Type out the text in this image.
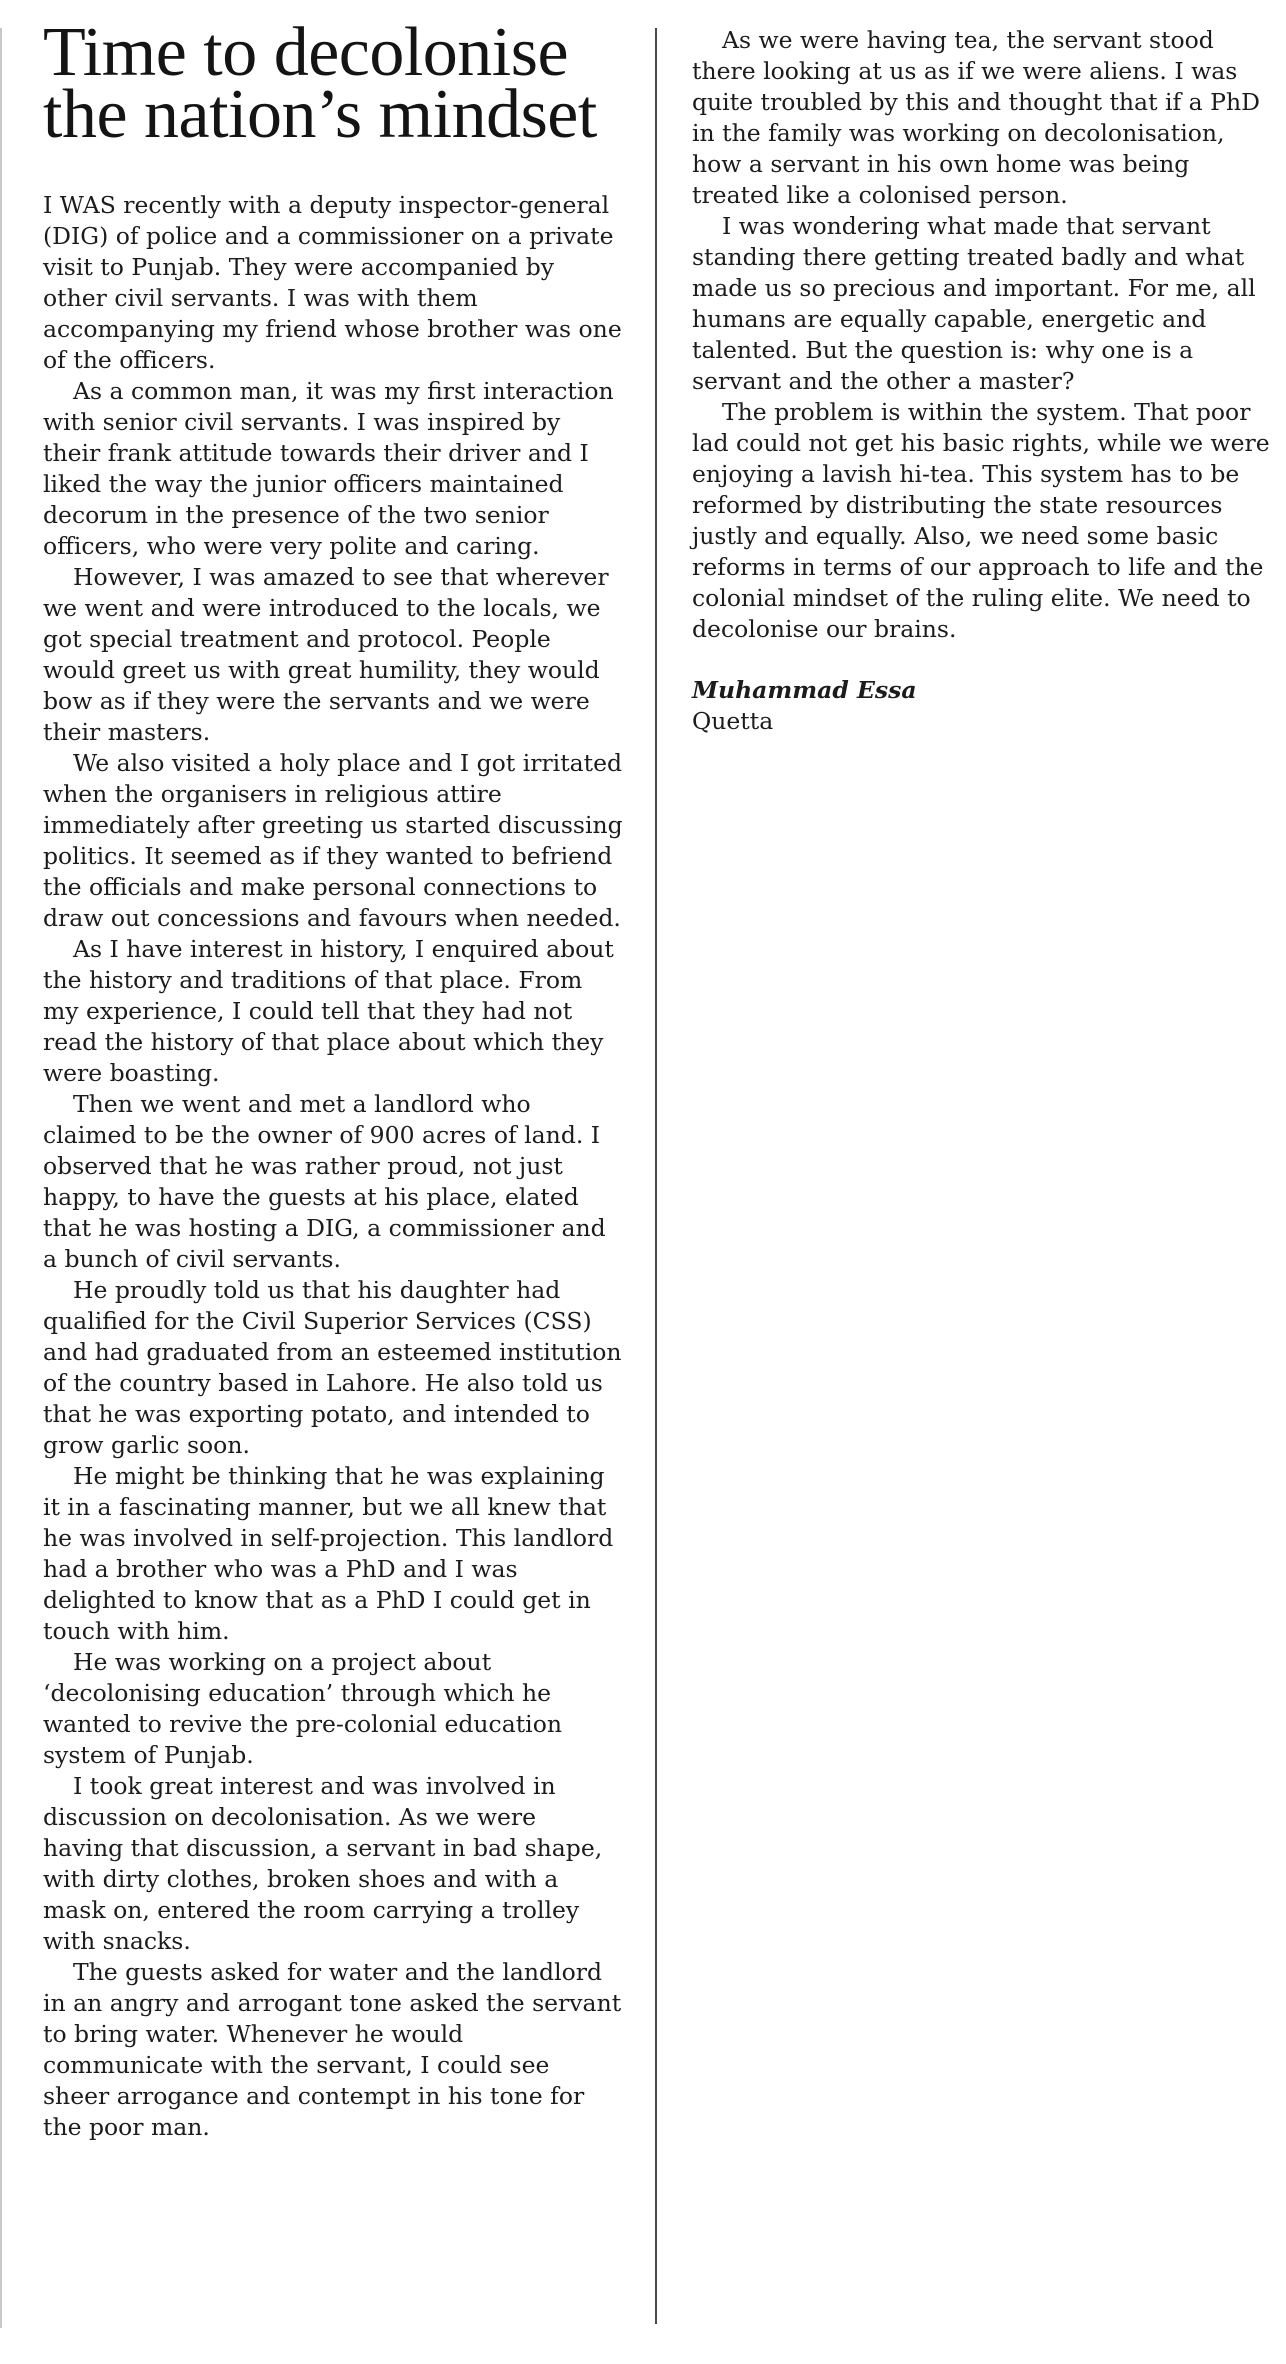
Time to decolonise the nation’s mindset

I WAS recently with a deputy inspector-general (DIG) of police and a commissioner on a private visit to Punjab. They were accompanied by other civil servants. I was with them accompanying my friend whose brother was one of the officers.

As a common man, it was my first interaction with senior civil servants. I was inspired by their frank attitude towards their driver and I liked the way the junior officers maintained decorum in the presence of the two senior officers, who were very polite and caring.

However, I was amazed to see that wherever we went and were introduced to the locals, we got special treatment and protocol. People would greet us with great humility, they would bow as if they were the servants and we were their masters.

We also visited a holy place and I got irritated when the organisers in religious attire immediately after greeting us started discussing politics. It seemed as if they wanted to befriend the officials and make personal connections to draw out concessions and favours when needed.

As I have interest in history, I enquired about the history and traditions of that place. From my experience, I could tell that they had not read the history of that place about which they were boasting.

Then we went and met a landlord who claimed to be the owner of 900 acres of land. I observed that he was rather proud, not just happy, to have the guests at his place, elated that he was hosting a DIG, a commissioner and a bunch of civil servants.

He proudly told us that his daughter had qualified for the Civil Superior Services (CSS) and had graduated from an esteemed institution of the country based in Lahore. He also told us that he was exporting potato, and intended to grow garlic soon.

He might be thinking that he was explaining it in a fascinating manner, but we all knew that he was involved in self-projection. This landlord had a brother who was a PhD and I was delighted to know that as a PhD I could get in touch with him.

He was working on a project about ‘decolonising education’ through which he wanted to revive the pre-colonial education system of Punjab.

I took great interest and was involved in discussion on decolonisation. As we were having that discussion, a servant in bad shape, with dirty clothes, broken shoes and with a mask on, entered the room carrying a trolley with snacks.

The guests asked for water and the landlord in an angry and arrogant tone asked the servant to bring water. Whenever he would communicate with the servant, I could see sheer arrogance and contempt in his tone for the poor man.

As we were having tea, the servant stood there looking at us as if we were aliens. I was quite troubled by this and thought that if a PhD in the family was working on decolonisation, how a servant in his own home was being treated like a colonised person.

I was wondering what made that servant standing there getting treated badly and what made us so precious and important. For me, all humans are equally capable, energetic and talented. But the question is: why one is a servant and the other a master?

The problem is within the system. That poor lad could not get his basic rights, while we were enjoying a lavish hi-tea. This system has to be reformed by distributing the state resources justly and equally. Also, we need some basic reforms in terms of our approach to life and the colonial mindset of the ruling elite. We need to decolonise our brains.

Muhammad Essa
Quetta
